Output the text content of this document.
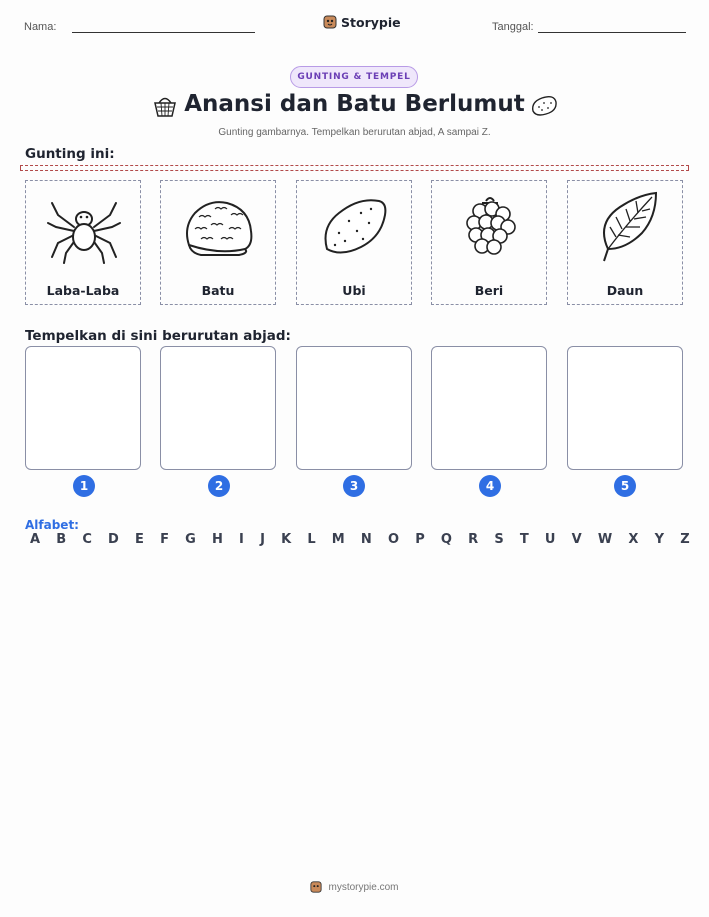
Nama:	Storypie	Tanggal:
GUNTING & TEMPEL
Anansi dan Batu Berlumut
Gunting gambarnya. Tempelkan berurutan abjad, A sampai Z.
Gunting ini:
Laba-Laba	Batu	Ubi	Beri	Daun
Tempelkan di sini berurutan abjad:
1	2	3	4	5
Alfabet:
A B C D E F G H I J K L M N O P Q R S T U V W X Y Z
mystorypie.com
